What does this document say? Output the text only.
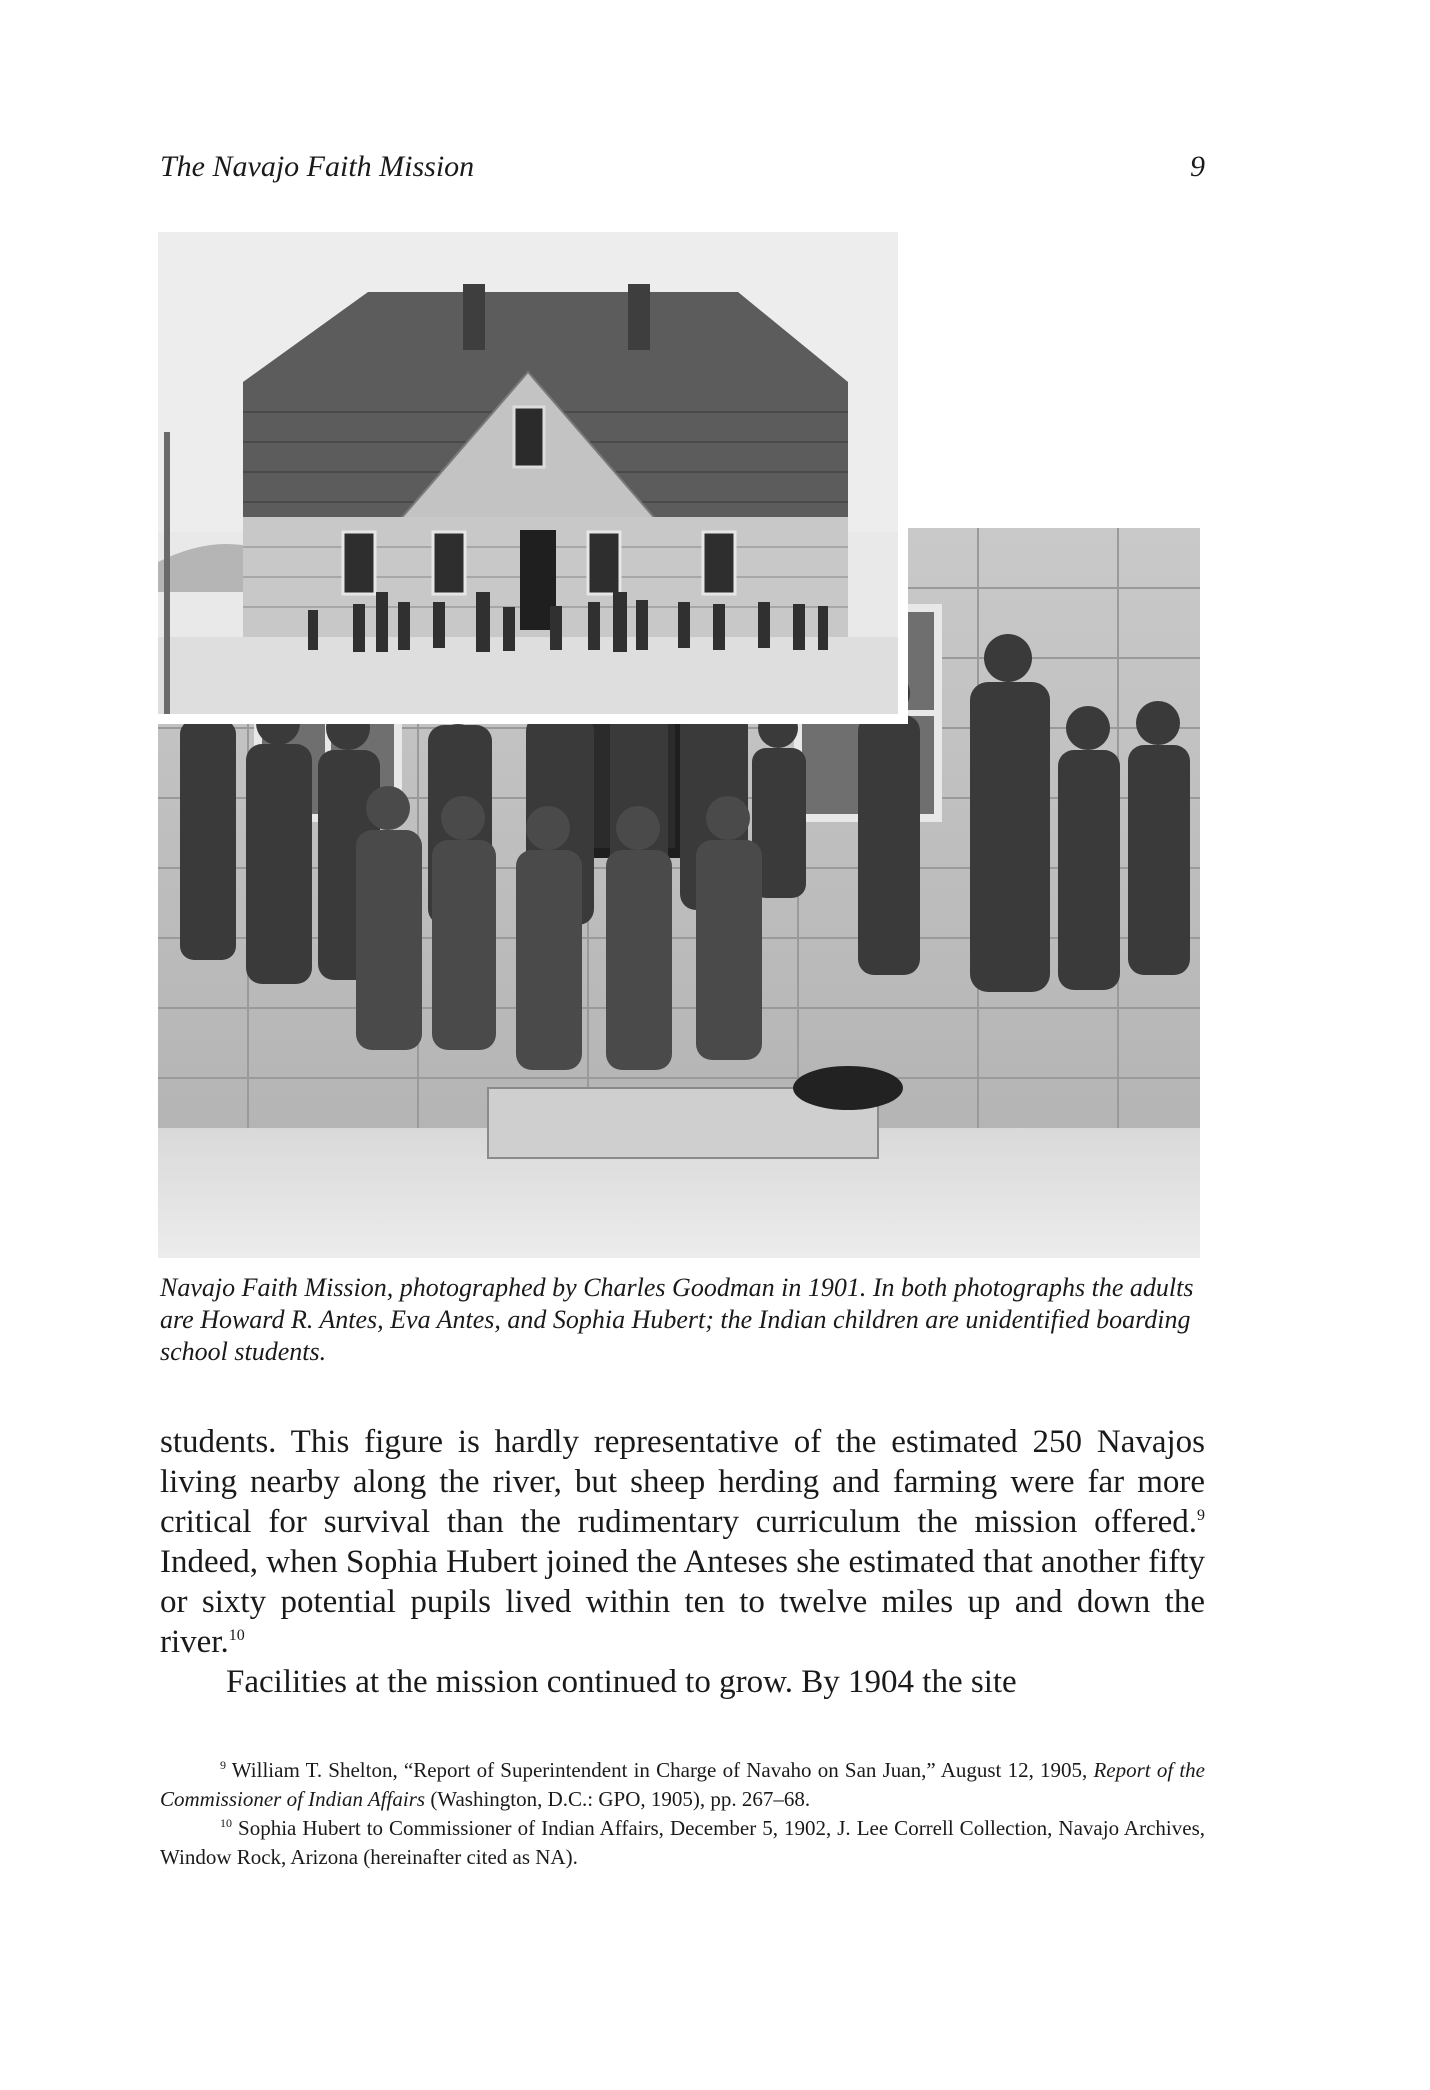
The Navajo Faith Mission	9
Navajo Faith Mission, photographed by Charles Goodman in 1901. In both photographs the adults are Howard R. Antes, Eva Antes, and Sophia Hubert; the Indian children are unidentified boarding school students.

students. This figure is hardly representative of the estimated 250 Navajos living nearby along the river, but sheep herding and farming were far more critical for survival than the rudimentary curriculum the mission offered.$^9$ Indeed, when Sophia Hubert joined the Anteses she estimated that another fifty or sixty potential pupils lived within ten to twelve miles up and down the river.$^{10}$

Facilities at the mission continued to grow. By 1904 the site

$^9$ William T. Shelton, “Report of Superintendent in Charge of Navaho on San Juan,” August 12, 1905, Report of the Commissioner of Indian Affairs (Washington, D.C.: GPO, 1905), pp. 267–68.

$^{10}$ Sophia Hubert to Commissioner of Indian Affairs, December 5, 1902, J. Lee Correll Collection, Navajo Archives, Window Rock, Arizona (hereinafter cited as NA).
